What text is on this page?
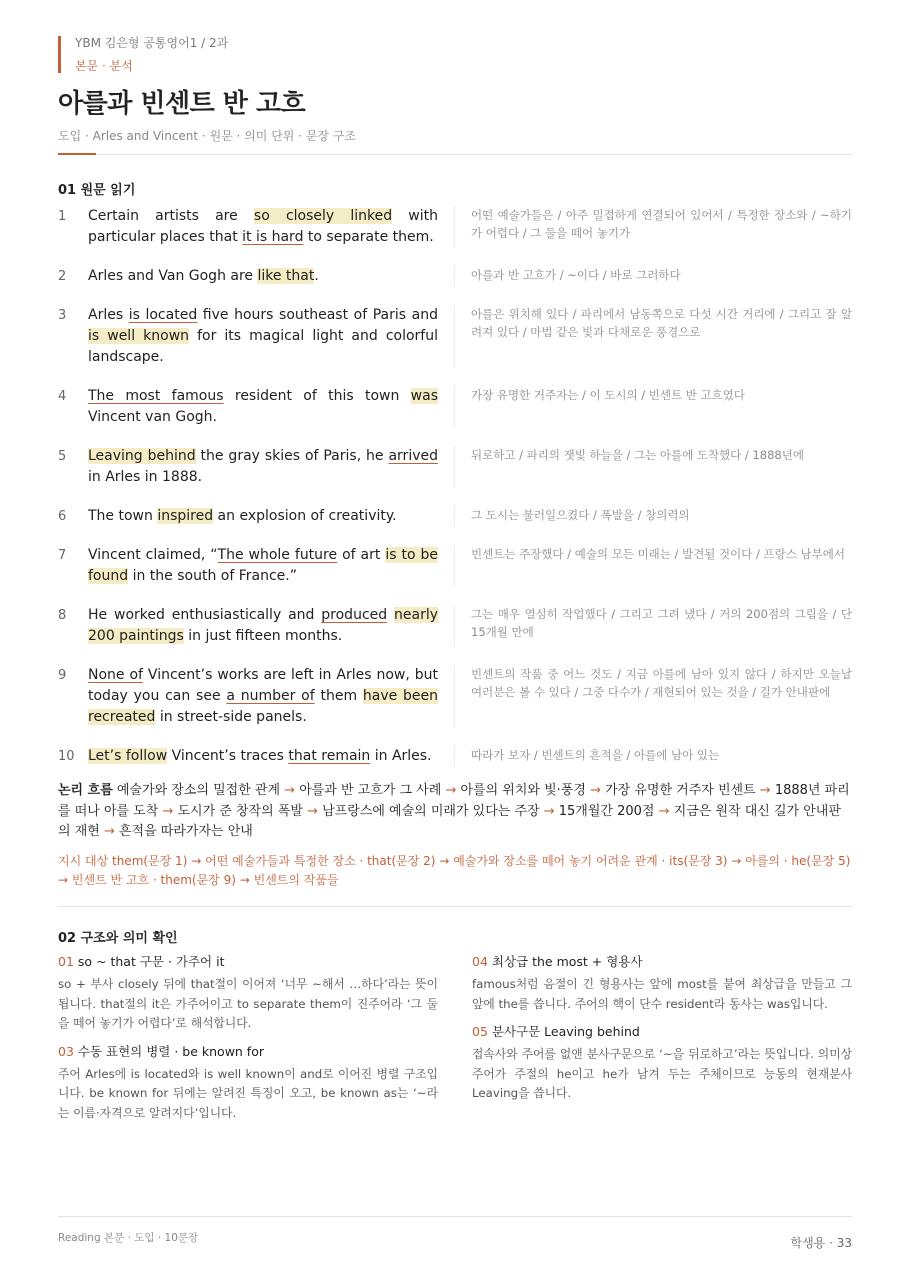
YBM 김은형 공통영어1 / 2과
본문 · 분석
아를과 빈센트 반 고흐
도입 · Arles and Vincent · 원문 · 의미 단위 · 문장 구조
01 원문 읽기
1	Certain artists are so closely linked with particular places that it is hard to separate them.
어떤 예술가들은 / 아주 밀접하게 연결되어 있어서 / 특정한 장소와 / ~하기가 어렵다 / 그 둘을 떼어 놓기가
2	Arles and Van Gogh are like that.	아를과 반 고흐가 / ~이다 / 바로 그러하다
3	Arles is located five hours southeast of Paris and is well known for its magical light and colorful landscape.
아를은 위치해 있다 / 파리에서 남동쪽으로 다섯 시간 거리에 / 그리고 잘 알려져 있다 / 마법 같은 빛과 다채로운 풍경으로
4	The most famous resident of this town was Vincent van Gogh.
가장 유명한 거주자는 / 이 도시의 / 빈센트 반 고흐였다
5	Leaving behind the gray skies of Paris, he arrived in Arles in 1888.
뒤로하고 / 파리의 잿빛 하늘을 / 그는 아를에 도착했다 / 1888년에
6	The town inspired an explosion of creativity.	그 도시는 불러일으켰다 / 폭발을 / 창의력의
7	Vincent claimed, “The whole future of art is to be found in the south of France.”
빈센트는 주장했다 / 예술의 모든 미래는 / 발견될 것이다 / 프랑스 남부에서
8	He worked enthusiastically and produced nearly 200 paintings in just fifteen months.
그는 매우 열심히 작업했다 / 그리고 그려 냈다 / 거의 200점의 그림을 / 단 15개월 만에
9	None of Vincent’s works are left in Arles now, but today you can see a number of them have been recreated in street-side panels.
빈센트의 작품 중 어느 것도 / 지금 아를에 남아 있지 않다 / 하지만 오늘날 여러분은 볼 수 있다 / 그중 다수가 / 재현되어 있는 것을 / 길가 안내판에
10 Let’s follow Vincent’s traces that remain in Arles.	따라가 보자 / 빈센트의 흔적을 / 아를에 남아 있는
논리 흐름 예술가와 장소의 밀접한 관계 → 아를과 반 고흐가 그 사례 → 아를의 위치와 빛·풍경 → 가장 유명한 거주자 빈센트 → 1888년 파리를 떠나 아를 도착 → 도시가 준 창작의 폭발 → 남프랑스에 예술의 미래가 있다는 주장 → 15개월간 200점 → 지금은 원작 대신 길가 안내판의 재현 → 흔적을 따라가자는 안내
지시 대상 them(문장 1) → 어떤 예술가들과 특정한 장소 · that(문장 2) → 예술가와 장소를 떼어 놓기 어려운 관계 · its(문장 3) → 아를의 · he(문장 5) → 빈센트 반 고흐 · them(문장 9) → 빈센트의 작품들
02 구조와 의미 확인
01 so ~ that 구문 · 가주어 it
so + 부사 closely 뒤에 that절이 이어져 ‘너무 ~해서 …하다’라는 뜻이 됩니다. that절의 it은 가주어이고 to separate them이 진주어라 ‘그 둘을 떼어 놓기가 어렵다’로 해석합니다.
03 수동 표현의 병렬 · be known for
주어 Arles에 is located와 is well known이 and로 이어진 병렬 구조입니다. be known for 뒤에는 알려진 특징이 오고, be known as는 ‘~라는 이름·자격으로 알려지다’입니다.
04 최상급 the most + 형용사
famous처럼 음절이 긴 형용사는 앞에 most를 붙여 최상급을 만들고 그 앞에 the를 씁니다. 주어의 핵이 단수 resident라 동사는 was입니다.
05 분사구문 Leaving behind
접속사와 주어를 없앤 분사구문으로 ‘~을 뒤로하고’라는 뜻입니다. 의미상 주어가 주절의 he이고 he가 남겨 두는 주체이므로 능동의 현재분사 Leaving을 씁니다.
Reading 본문 · 도입 · 10문장	학생용 · 33
